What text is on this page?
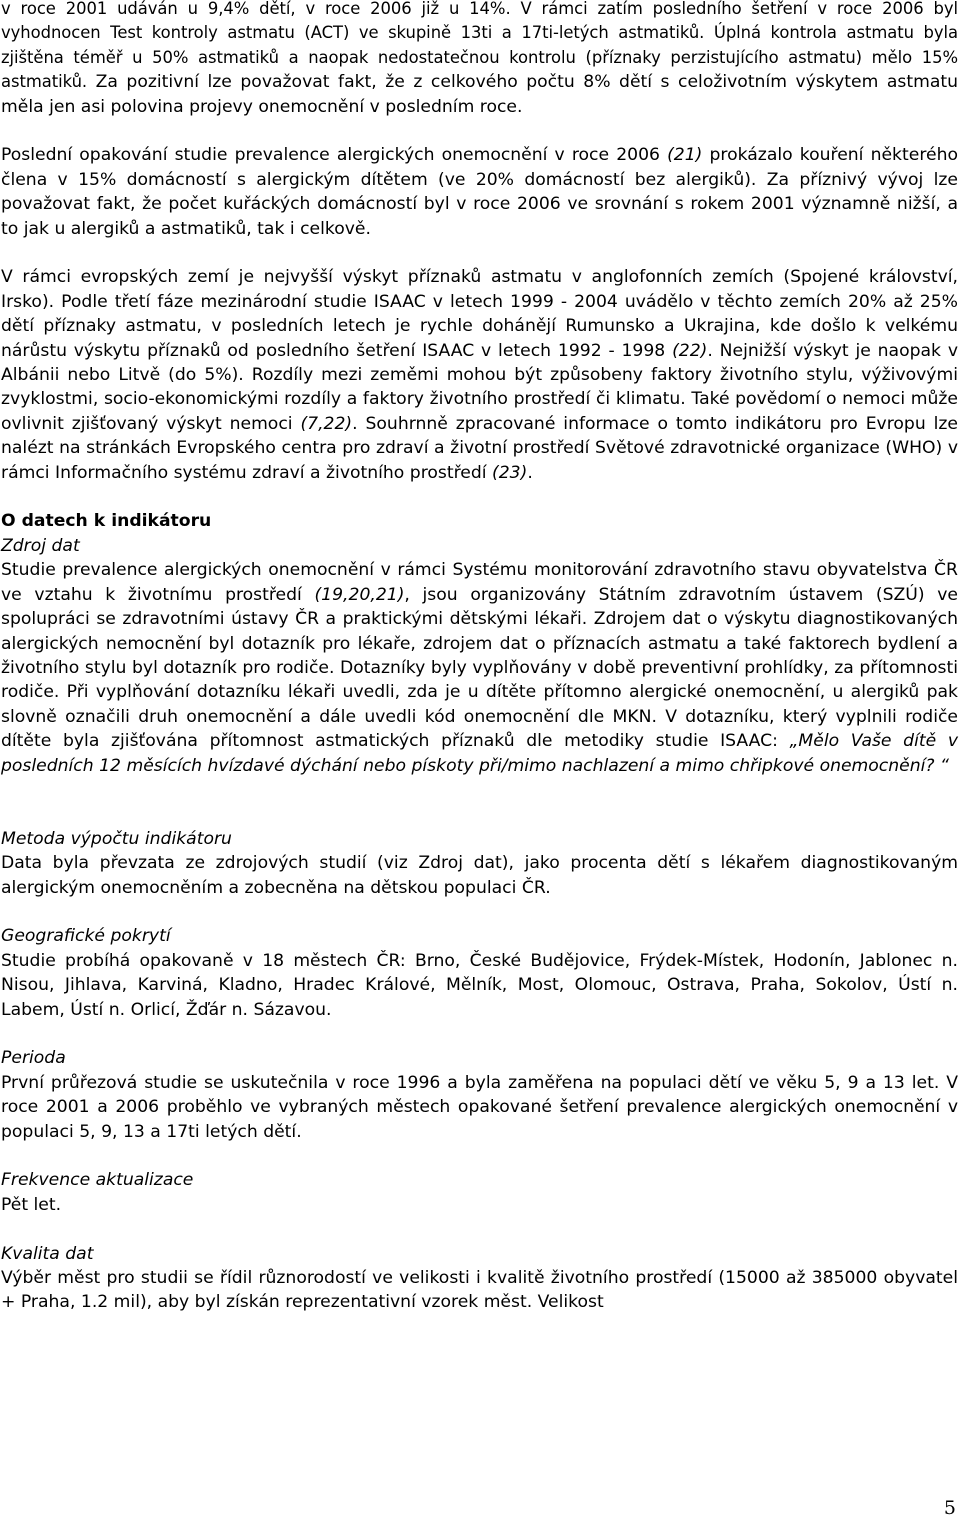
v roce 2001 udáván u 9,4% dětí, v roce 2006 již u 14%. V rámci zatím posledního šetření v roce 2006 byl vyhodnocen Test kontroly astmatu (ACT) ve skupině 13ti a 17ti-letých astmatiků. Úplná kontrola astmatu byla zjištěna téměř u 50% astmatiků a naopak nedostatečnou kontrolu (příznaky perzistujícího astmatu) mělo 15% astmatiků. Za pozitivní lze považovat fakt, že z celkového počtu 8% dětí s celoživotním výskytem astmatu měla jen asi polovina projevy onemocnění v posledním roce.

Poslední opakování studie prevalence alergických onemocnění v roce 2006 (21) prokázalo kouření některého člena v 15% domácností s alergickým dítětem (ve 20% domácností bez alergiků). Za příznivý vývoj lze považovat fakt, že počet kuřáckých domácností byl v roce 2006 ve srovnání s rokem 2001 významně nižší, a to jak u alergiků a astmatiků, tak i celkově.

V rámci evropských zemí je nejvyšší výskyt příznaků astmatu v anglofonních zemích (Spojené království, Irsko). Podle třetí fáze mezinárodní studie ISAAC v letech 1999 - 2004 uvádělo v těchto zemích 20% až 25% dětí příznaky astmatu, v posledních letech je rychle dohánějí Rumunsko a Ukrajina, kde došlo k velkému nárůstu výskytu příznaků od posledního šetření ISAAC v letech 1992 - 1998 (22). Nejnižší výskyt je naopak v Albánii nebo Litvě (do 5%). Rozdíly mezi zeměmi mohou být způsobeny faktory životního stylu, výživovými zvyklostmi, socio-ekonomickými rozdíly a faktory životního prostředí či klimatu. Také povědomí o nemoci může ovlivnit zjišťovaný výskyt nemoci (7,22). Souhrnně zpracované informace o tomto indikátoru pro Evropu lze nalézt na stránkách Evropského centra pro zdraví a životní prostředí Světové zdravotnické organizace (WHO) v rámci Informačního systému zdraví a životního prostředí (23).

O datech k indikátoru

Zdroj dat

Studie prevalence alergických onemocnění v rámci Systému monitorování zdravotního stavu obyvatelstva ČR ve vztahu k životnímu prostředí (19,20,21), jsou organizovány Státním zdravotním ústavem (SZÚ) ve spolupráci se zdravotními ústavy ČR a praktickými dětskými lékaři. Zdrojem dat o výskytu diagnostikovaných alergických nemocnění byl dotazník pro lékaře, zdrojem dat o příznacích astmatu a také faktorech bydlení a životního stylu byl dotazník pro rodiče. Dotazníky byly vyplňovány v době preventivní prohlídky, za přítomnosti rodiče. Při vyplňování dotazníku lékaři uvedli, zda je u dítěte přítomno alergické onemocnění, u alergiků pak slovně označili druh onemocnění a dále uvedli kód onemocnění dle MKN. V dotazníku, který vyplnili rodiče dítěte byla zjišťována přítomnost astmatických příznaků dle metodiky studie ISAAC: „Mělo Vaše dítě v posledních 12 měsících hvízdavé dýchání nebo pískoty při/mimo nachlazení a mimo chřipkové onemocnění? “

Metoda výpočtu indikátoru

Data byla převzata ze zdrojových studií (viz Zdroj dat), jako procenta dětí s lékařem diagnostikovaným alergickým onemocněním a zobecněna na dětskou populaci ČR.

Geografické pokrytí

Studie probíhá opakovaně v 18 městech ČR: Brno, České Budějovice, Frýdek-Místek, Hodonín, Jablonec n. Nisou, Jihlava, Karviná, Kladno, Hradec Králové, Mělník, Most, Olomouc, Ostrava, Praha, Sokolov, Ústí n. Labem, Ústí n. Orlicí, Žďár n. Sázavou.

Perioda

První průřezová studie se uskutečnila v roce 1996 a byla zaměřena na populaci dětí ve věku 5, 9 a 13 let. V roce 2001 a 2006 proběhlo ve vybraných městech opakované šetření prevalence alergických onemocnění v populaci 5, 9, 13 a 17ti letých dětí.

Frekvence aktualizace

Pět let.

Kvalita dat

Výběr měst pro studii se řídil různorodostí ve velikosti i kvalitě životního prostředí (15000 až 385000 obyvatel + Praha, 1.2 mil), aby byl získán reprezentativní vzorek měst. Velikost

5
